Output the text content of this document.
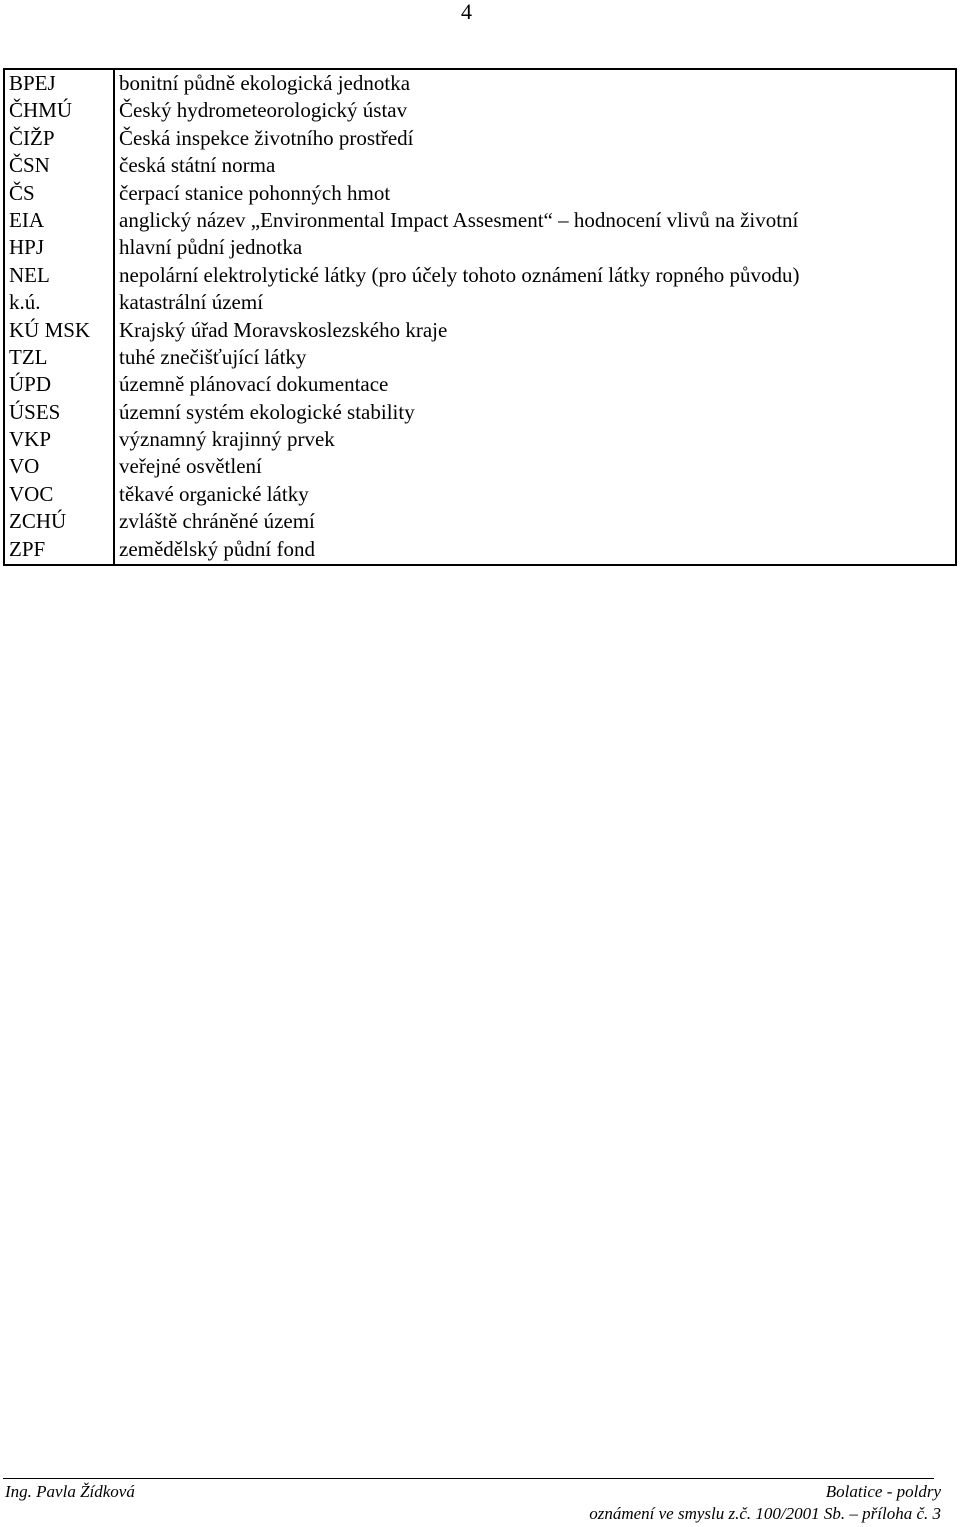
4
BPEJ	bonitní půdně ekologická jednotka
ČHMÚ	Český hydrometeorologický ústav
ČIŽP	Česká inspekce životního prostředí
ČSN	česká státní norma
ČS	čerpací stanice pohonných hmot
EIA	anglický název „Environmental Impact Assesment“ – hodnocení vlivů na životní
HPJ	hlavní půdní jednotka
NEL	nepolární elektrolytické látky (pro účely tohoto oznámení látky ropného původu)
k.ú.	katastrální území
KÚ MSK	Krajský úřad Moravskoslezského kraje
TZL	tuhé znečišťující látky
ÚPD	územně plánovací dokumentace
ÚSES	územní systém ekologické stability
VKP	významný krajinný prvek
VO	veřejné osvětlení
VOC	těkavé organické látky
ZCHÚ	zvláště chráněné území
ZPF	zemědělský půdní fond
Ing. Pavla Žídková	Bolatice - poldry
oznámení ve smyslu z.č. 100/2001 Sb. – příloha č. 3
